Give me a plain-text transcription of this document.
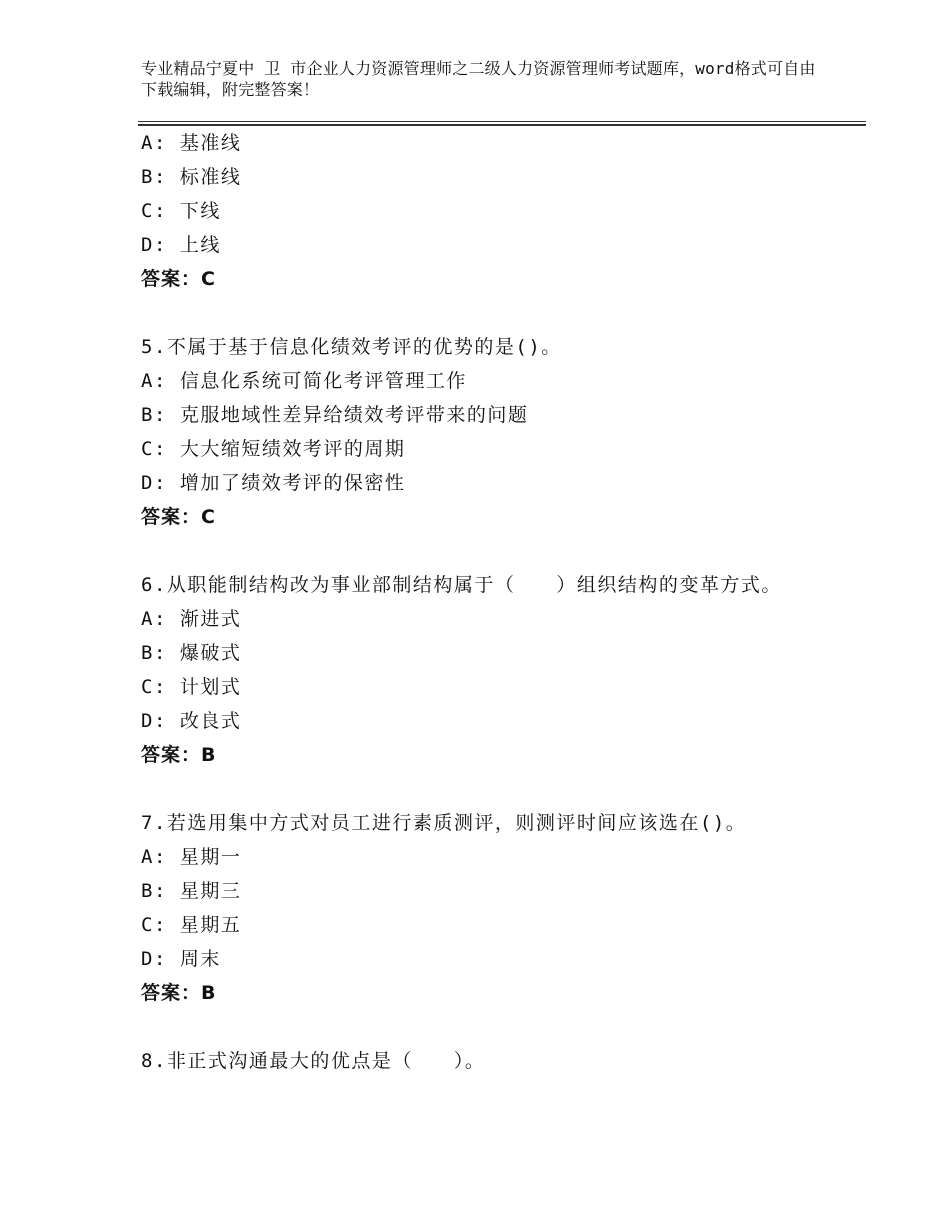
专业精品宁夏中 卫 市企业人力资源管理师之二级人力资源管理师考试题库，word格式可自由下载编辑，附完整答案！
A: 基准线
B: 标准线
C: 下线
D: 上线
答案：C
5.不属于基于信息化绩效考评的优势的是()。
A: 信息化系统可简化考评管理工作
B: 克服地域性差异给绩效考评带来的问题
C: 大大缩短绩效考评的周期
D: 增加了绩效考评的保密性
答案：C
6.从职能制结构改为事业部制结构属于（　　）组织结构的变革方式。
A: 渐进式
B: 爆破式
C: 计划式
D: 改良式
答案：B
7.若选用集中方式对员工进行素质测评，则测评时间应该选在()。
A: 星期一
B: 星期三
C: 星期五
D: 周末
答案：B
8.非正式沟通最大的优点是（　　）。
